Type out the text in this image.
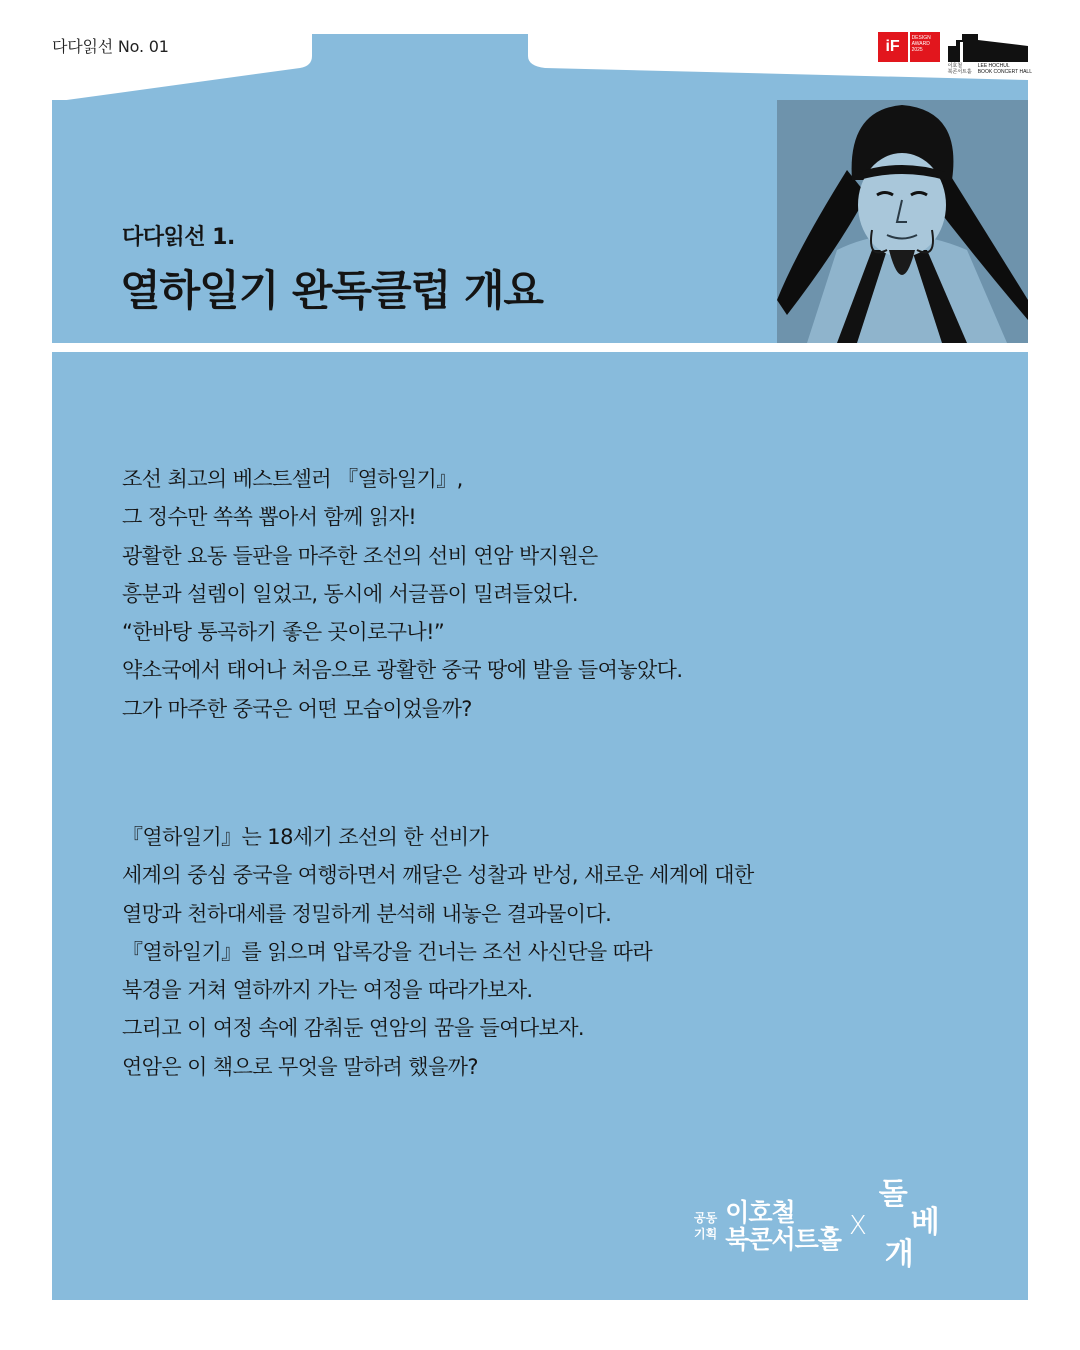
다다읽선 No. 01	iF	DESIGN
AWARD
2025
이호철
북콘서트홀
LEE HOCHUL
BOOK CONCERT HALL
다다읽선 1.
열하일기 완독클럽 개요

조선 최고의 베스트셀러 『열하일기』,
그 정수만 쏙쏙 뽑아서 함께 읽자!
광활한 요동 들판을 마주한 조선의 선비 연암 박지원은
흥분과 설렘이 일었고, 동시에 서글픔이 밀려들었다.
“한바탕 통곡하기 좋은 곳이로구나!”
약소국에서 태어나 처음으로 광활한 중국 땅에 발을 들여놓았다.
그가 마주한 중국은 어떤 모습이었을까?

『열하일기』는 18세기 조선의 한 선비가
세계의 중심 중국을 여행하면서 깨달은 성찰과 반성, 새로운 세계에 대한
열망과 천하대세를 정밀하게 분석해 내놓은 결과물이다.
『열하일기』를 읽으며 압록강을 건너는 조선 사신단을 따라
북경을 거쳐 열하까지 가는 여정을 따라가보자.
그리고 이 여정 속에 감춰둔 연암의 꿈을 들여다보자.
연암은 이 책으로 무엇을 말하려 했을까?

공동
기획
이호철
북콘서트홀 X
돌
베
개
